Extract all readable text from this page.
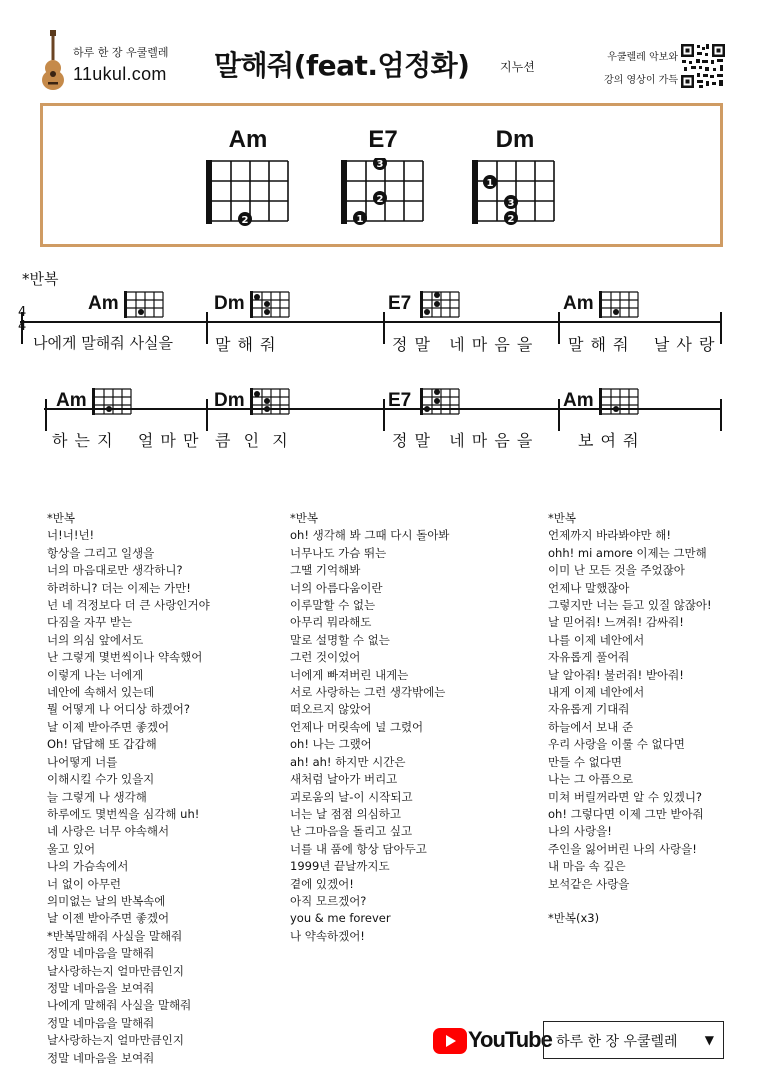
하루 한 장 우쿨렐레
11ukul.com 말해줘(feat.엄정화)	지누션
우쿨렐레 악보와
강의 영상이 가득
Am	E7	Dm
2
3
2
1
1
3
2
*반복
4
4
Am	Dm	E7	Am
나에게 말해줘 사실을	말 해 줘	정 말   네 마 음 을 말 해 줘    날 사 랑
Am	Dm	E7	Am
하 는 지    얼 마 만 큼  인  지	정 말   네 마 음 을	보 여 줘
*반복
너!너!넌!
항상을 그리고 일생을
너의 마음대로만 생각하니?
하려하니? 더는 이제는 가만!
넌 네 걱정보다 더 큰 사랑인거야
다짐을 자꾸 받는
너의 의심 앞에서도
난 그렇게 몇번씩이나 약속했어
이렇게 나는 너에게
네안에 속해서 있는데
뭘 어떻게 나 어디상 하겠어?
날 이제 받아주면 좋겠어
Oh! 답답해 또 갑갑해
나어떻게 너를
이해시킬 수가 있을지
늘 그렇게 나 생각해
하루에도 몇번씩을 심각해 uh!
네 사랑은 너무 야속해서
울고 있어
나의 가슴속에서
너 없이 아무런
의미없는 날의 반복속에
날 이젠 받아주면 좋겠어
*반복말해줘 사실을 말해줘
정말 네마음을 말해줘
날사랑하는지 얼마만큼인지
정말 네마음을 보여줘
나에게 말해줘 사실을 말해줘
정말 네마음을 말해줘
날사랑하는지 얼마만큼인지
정말 네마음을 보여줘
*반복
oh! 생각해 봐 그때 다시 돌아봐
너무나도 가슴 뛰는
그땔 기억해봐
너의 아름다움이란
이루말할 수 없는
아무리 뭐라해도
말로 설명할 수 없는
그런 것이었어
너에게 빠져버린 내게는
서로 사랑하는 그런 생각밖에는
떠오르지 않았어
언제나 머릿속에 널 그렸어
oh! 나는 그랬어
ah! ah! 하지만 시간은
새처럼 날아가 버리고
괴로움의 날-이 시작되고
너는 날 점점 의심하고
난 그마음을 돌리고 싶고
너를 내 품에 항상 담아두고
1999년 끝날까지도
곁에 있겠어!
아직 모르겠어?
you & me forever
나 약속하겠어!
*반복
언제까지 바라봐야만 해!
ohh! mi amore 이제는 그만해
이미 난 모든 것을 주었잖아
언제나 말했잖아
그렇지만 너는 듣고 있질 않잖아!
날 믿어줘! 느껴줘! 감싸줘!
나를 이제 네안에서
자유롭게 풀어줘
날 알아줘! 불러줘! 받아줘!
내게 이제 네안에서
자유롭게 기대줘
하늘에서 보내 준
우리 사랑을 이룰 수 없다면
만들 수 없다면
나는 그 아픔으로
미쳐 버릴꺼라면 알 수 있겠니?
oh! 그렇다면 이제 그만 받아줘
나의 사랑을!
주인을 잃어버린 나의 사랑을!
내 마음 속 깊은
보석같은 사랑을
*반복(x3)
YouTube 하루 한 장 우쿨렐레 ▼
